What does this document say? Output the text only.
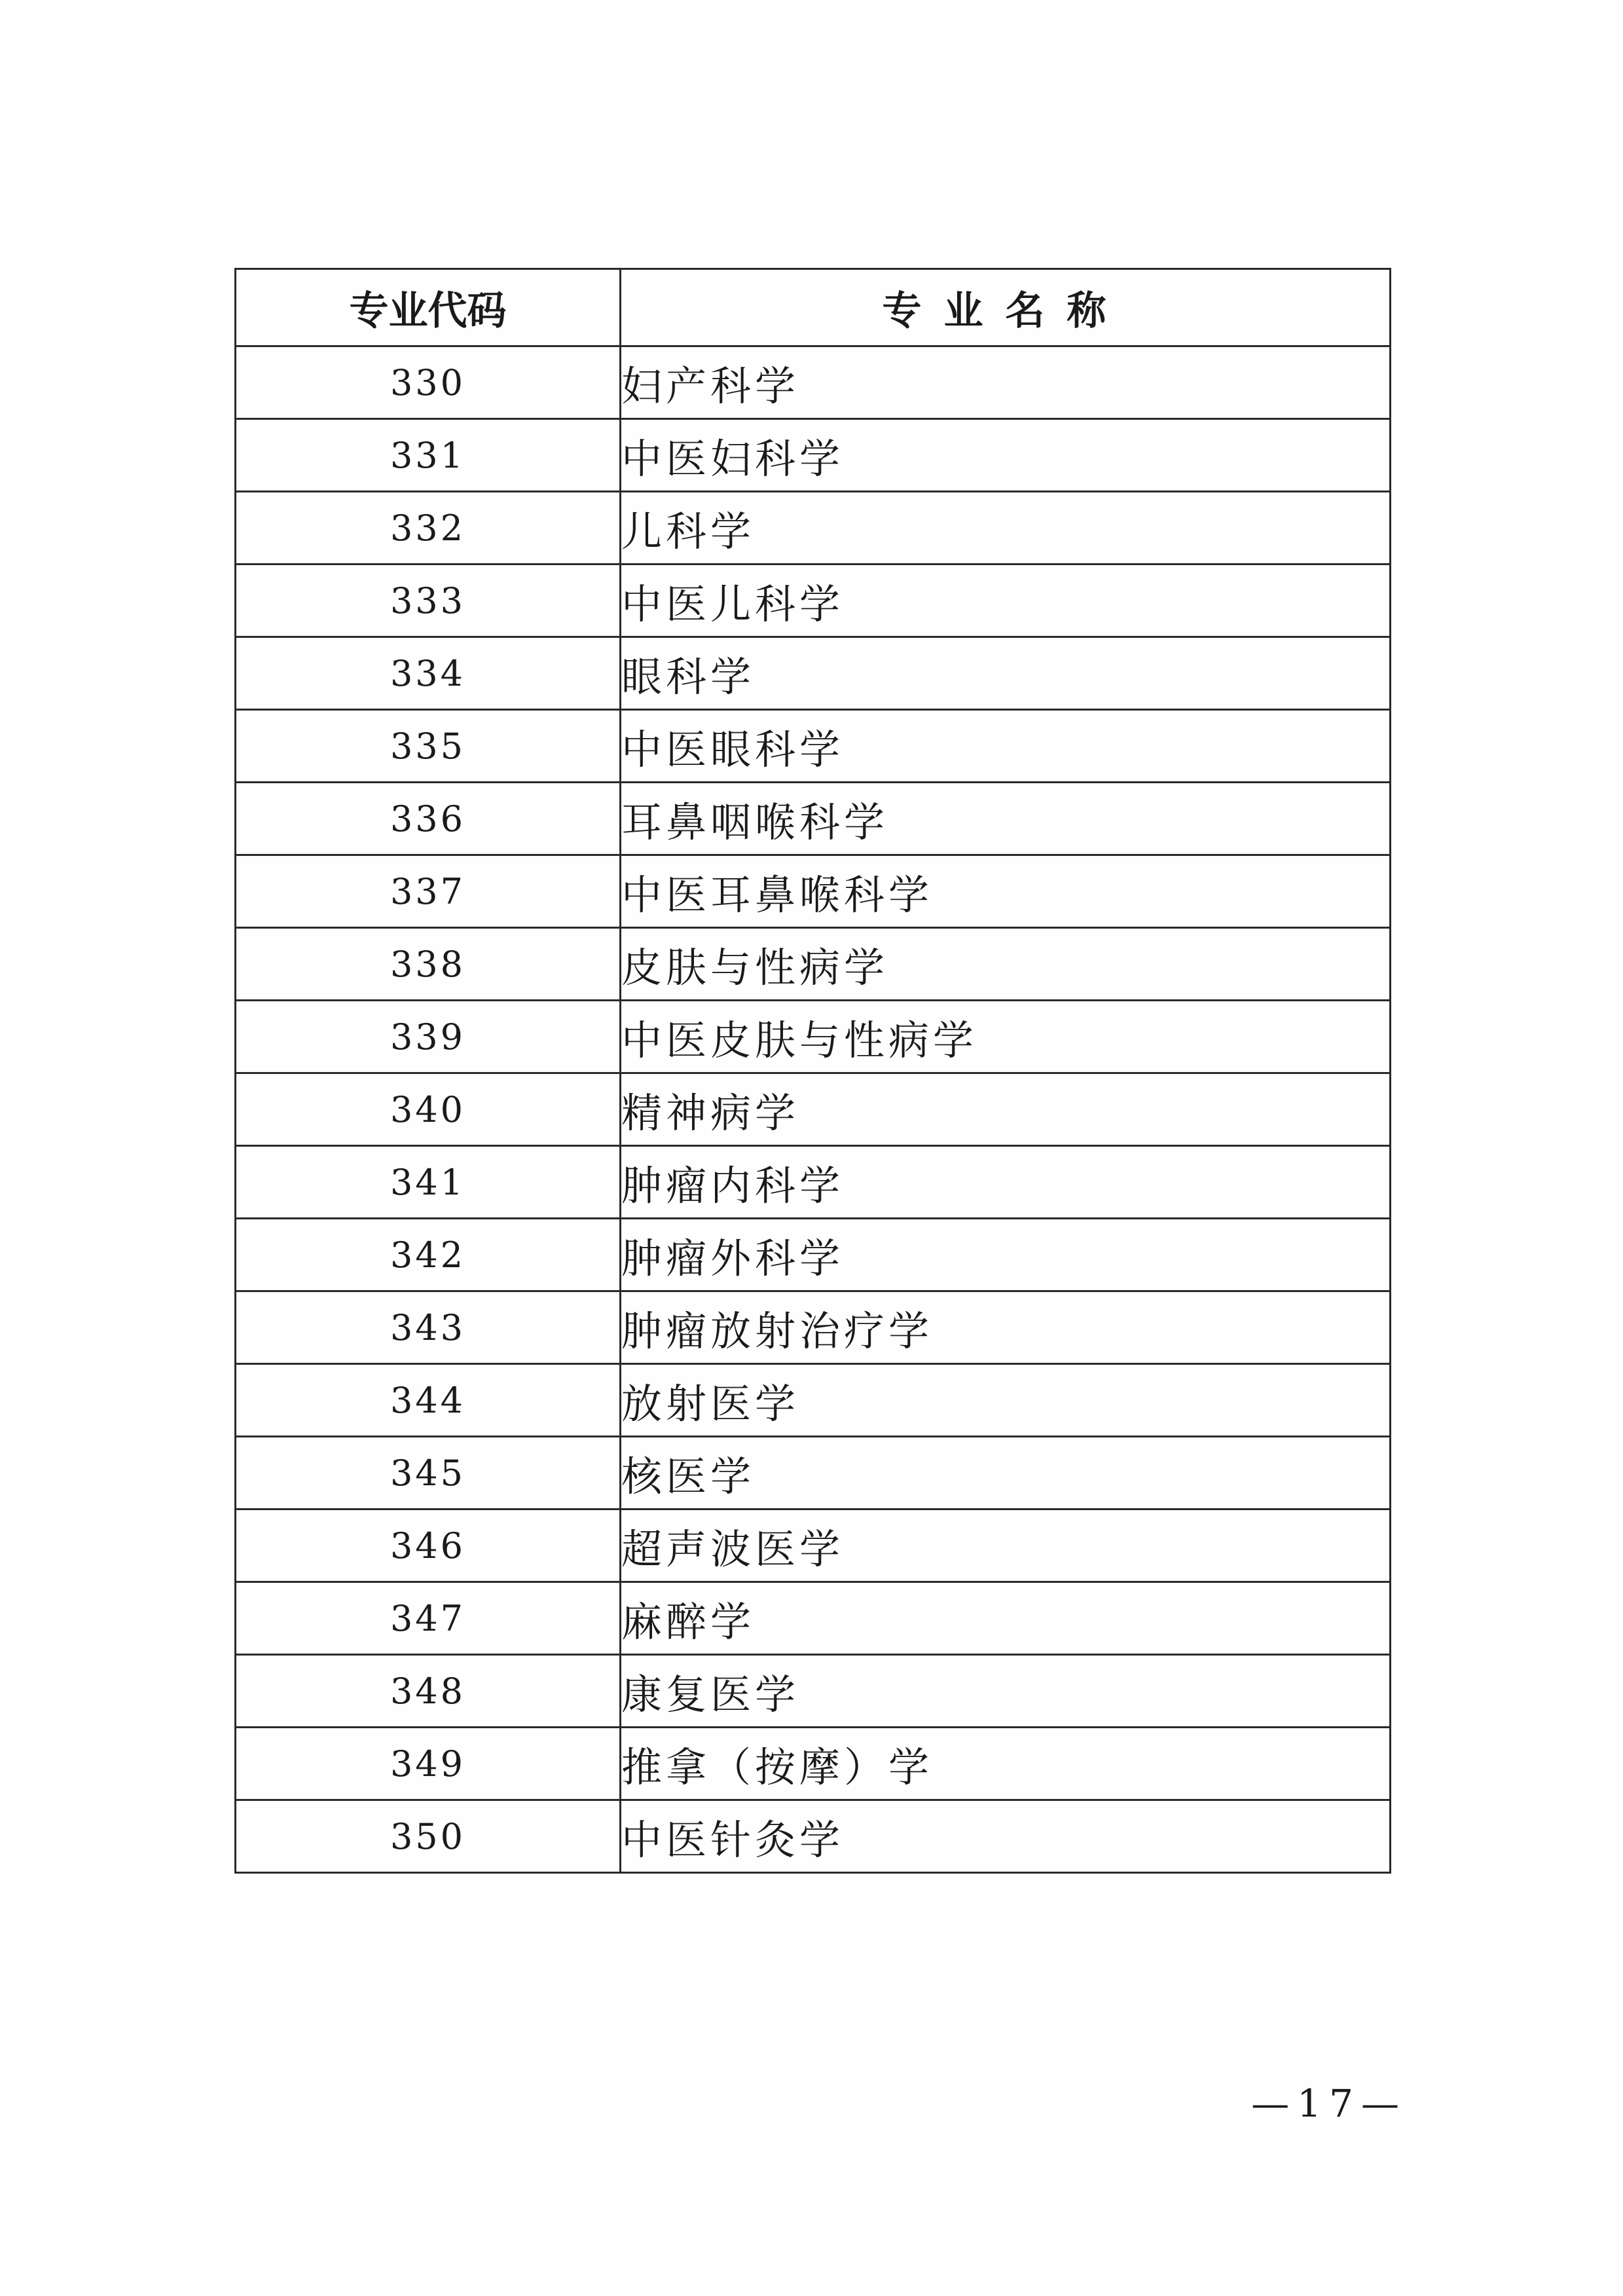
专业代码	专业名称
330	妇产科学
331	中医妇科学
332	儿科学
333	中医儿科学
334	眼科学
335	中医眼科学
336	耳鼻咽喉科学
337	中医耳鼻喉科学
338	皮肤与性病学
339	中医皮肤与性病学
340	精神病学
341	肿瘤内科学
342	肿瘤外科学
343	肿瘤放射治疗学
344	放射医学
345	核医学
346	超声波医学
347	麻醉学
348	康复医学
349	推拿（按摩）学
350	中医针灸学
—17—
